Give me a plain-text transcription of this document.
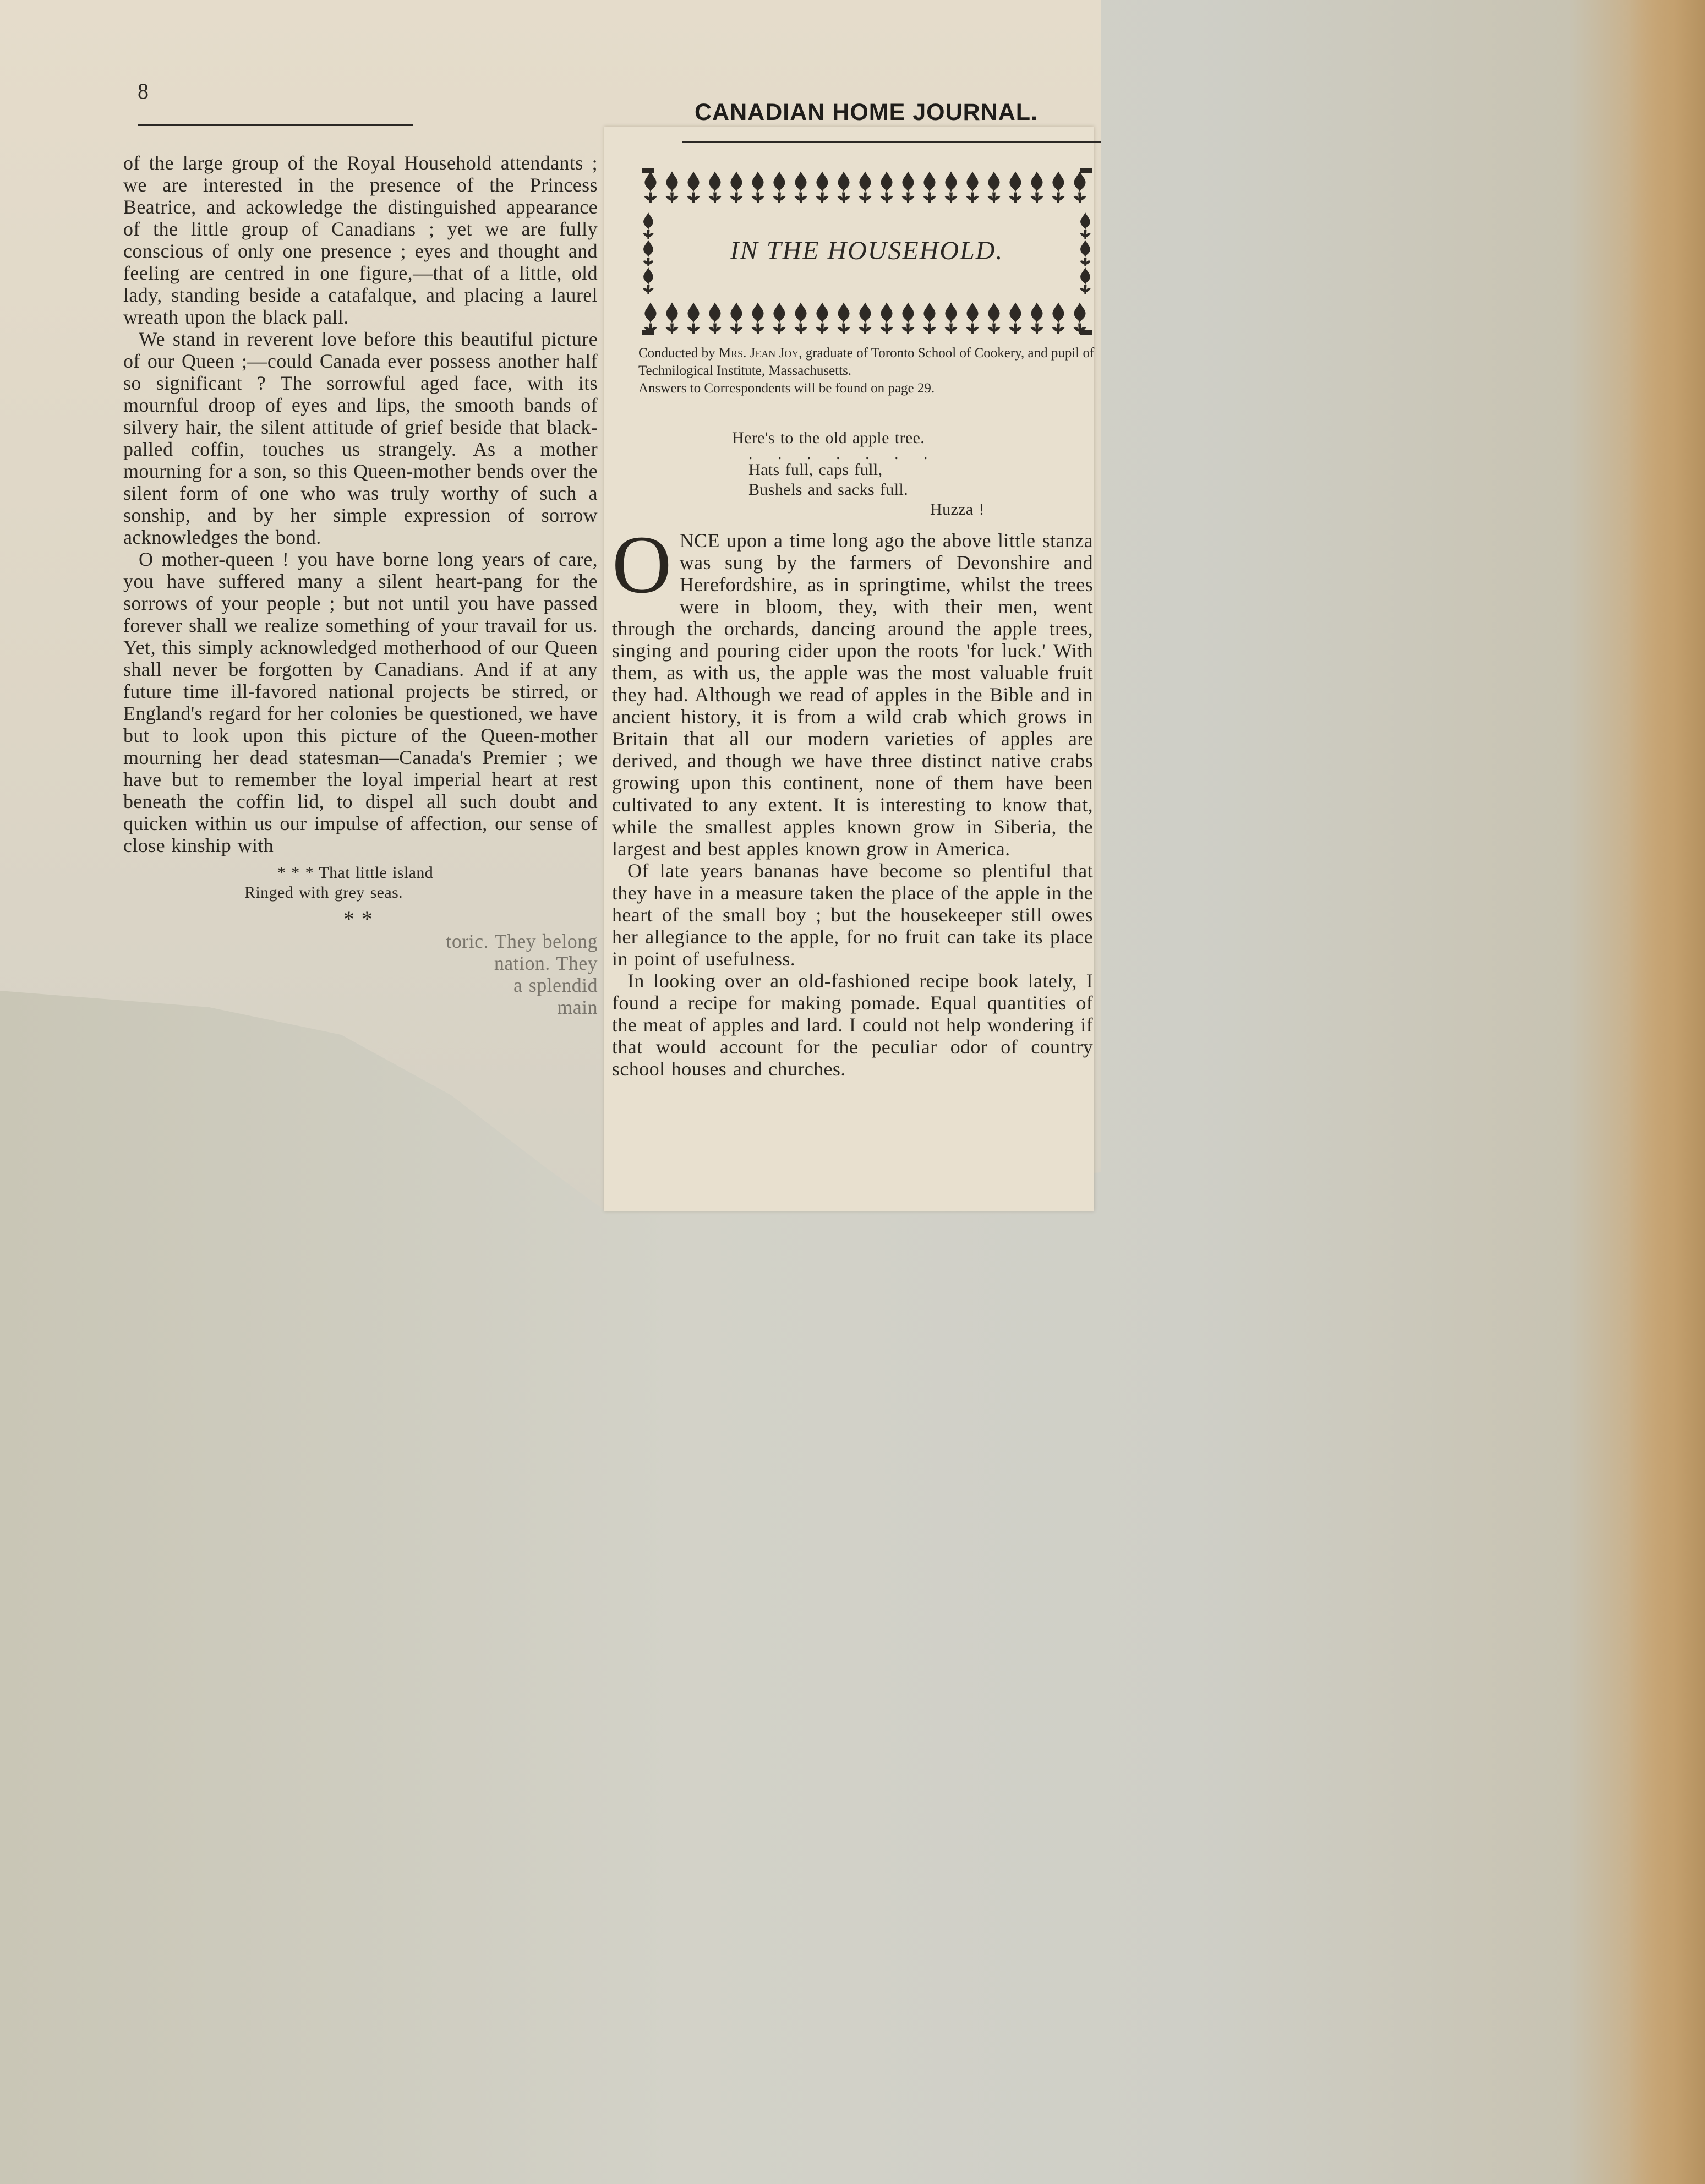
8
CANADIAN HOME JOURNAL.

of the large group of the Royal Household attendants ; we are interested in the presence of the Princess Beatrice, and ackowledge the distinguished appearance of the little group of Canadians ; yet we are fully conscious of only one presence ; eyes and thought and feeling are centred in one figure,—that of a little, old lady, standing beside a catafalque, and placing a laurel wreath upon the black pall.

We stand in reverent love before this beautiful picture of our Queen ;—could Canada ever possess another half so significant ? The sorrowful aged face, with its mournful droop of eyes and lips, the smooth bands of silvery hair, the silent attitude of grief beside that black-palled coffin, touches us strangely. As a mother mourning for a son, so this Queen-mother bends over the silent form of one who was truly worthy of such a sonship, and by her simple expression of sorrow acknowledges the bond.

O mother-queen ! you have borne long years of care, you have suffered many a silent heart-pang for the sorrows of your people ; but not until you have passed forever shall we realize something of your travail for us. Yet, this simply acknowledged motherhood of our Queen shall never be forgotten by Canadians. And if at any future time ill-favored national projects be stirred, or England's regard for her colonies be questioned, we have but to look upon this picture of the Queen-mother mourning her dead statesman—Canada's Premier ; we have but to remember the loyal imperial heart at rest beneath the coffin lid, to dispel all such doubt and quicken within us our impulse of affection, our sense of close kinship with

* * * That little island

Ringed with grey seas.

* *

toric. They belong

nation. They

a splendid

main

IN THE HOUSEHOLD.
Conducted by Mrs. Jean Joy, graduate of Toronto School of Cookery, and pupil of Technilogical Institute, Massachusetts.
Answers to Correspondents will be found on page 29.
Here's to the old apple tree.
. . . . . . .
Hats full, caps full,
Bushels and sacks full.
Huzza !

O NCE upon a time long ago the above little stanza was sung by the farmers of Devonshire and Herefordshire, as in springtime, whilst the trees were in bloom, they, with their men, went through the orchards, dancing around the apple trees, singing and pouring cider upon the roots 'for luck.' With them, as with us, the apple was the most valuable fruit they had. Although we read of apples in the Bible and in ancient history, it is from a wild crab which grows in Britain that all our modern varieties of apples are derived, and though we have three distinct native crabs growing upon this continent, none of them have been cultivated to any extent. It is interesting to know that, while the smallest apples known grow in Siberia, the largest and best apples known grow in America.

Of late years bananas have become so plentiful that they have in a measure taken the place of the apple in the heart of the small boy ; but the housekeeper still owes her allegiance to the apple, for no fruit can take its place in point of usefulness.

In looking over an old-fashioned recipe book lately, I found a recipe for making pomade. Equal quantities of the meat of apples and lard. I could not help wondering if that would account for the peculiar odor of country school houses and churches.
